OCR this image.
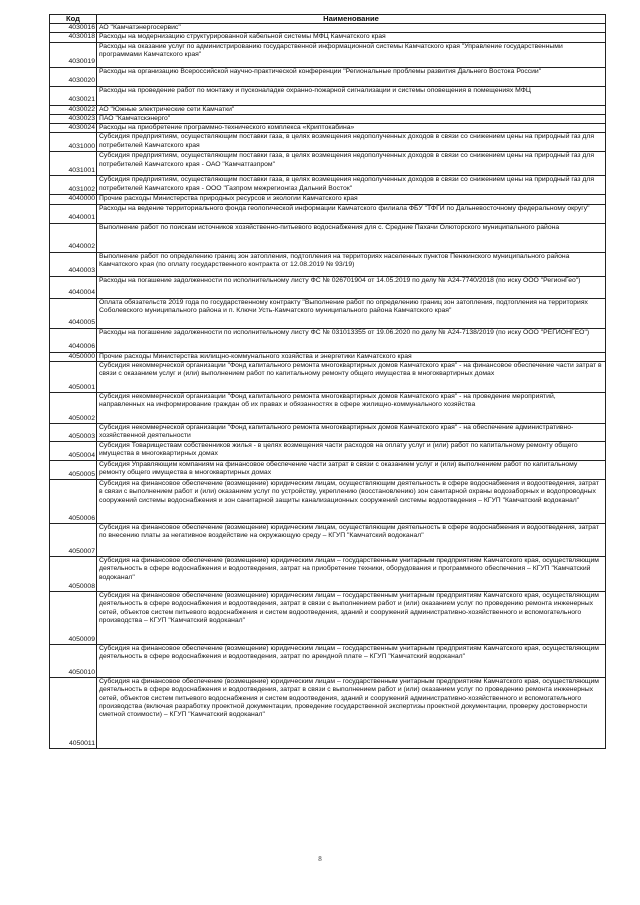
Код	Наименование
4030016	АО "Камчатэнергосервис"
4030018	Расходы на модернизацию структурированной кабельной системы МФЦ Камчатского края
4030019	Расходы на оказание услуг по администрированию государственной информационной системы Камчатского края "Управление государственными программами Камчатского края"
4030020	Расходы на организацию Всероссийской научно-практической конференции "Региональные проблемы развития Дальнего Востока России"
4030021	Расходы на проведение работ по монтажу и пусконаладке охранно-пожарной сигнализации и системы оповещения в помещениях МФЦ
4030022	АО "Южные электрические сети Камчатки"
4030023	ПАО "Камчатскэнерго"
4030024	Расходы на приобретение программно-технического комплекса «Криптокабина»
4031000	Субсидия предприятиям, осуществляющим поставки газа, в целях возмещения недополученных доходов в связи со снижением цены на природный газ для потребителей Камчатского края
4031001	Субсидия предприятиям, осуществляющим поставки газа, в целях возмещения недополученных доходов в связи со снижением цены на природный газ для потребителей Камчатского края - ОАО "Камчатгазпром"
4031002	Субсидия предприятиям, осуществляющим поставки газа, в целях возмещения недополученных доходов в связи со снижением цены на природный газ для потребителей Камчатского края - ООО "Газпром межрегионгаз Дальний Восток"
4040000	Прочие расходы Министерства природных ресурсов и экологии Камчатского края
4040001	Расходы на ведение территориального фонда геологической информации Камчатского филиала ФБУ "ТФГИ по Дальневосточному федеральному округу"
4040002	Выполнение работ по поискам источников хозяйственно-питьевого водоснабжения для с. Средние Пахачи Олюторского муниципального района
4040003	Выполнение работ по определению границ зон затопления, подтопления на территориях населенных пунктов Пенжинского муниципального района Камчатского края (по оплату государственного контракта от 12.08.2019 № 93/19)
4040004	Расходы на погашение задолженности по исполнительному листу ФС № 026701904 от 14.05.2019 по делу № А24-7740/2018 (по иску ООО "РегионГео")
4040005	Оплата обязательств 2019 года по государственному контракту "Выполнение работ по определению границ зон затопления, подтопления на территориях Соболевского муниципального района и п. Ключи Усть-Камчатского муниципального района Камчатского края"
4040006	Расходы на погашение задолженности по исполнительному листу ФС № 031013355 от 19.06.2020 по делу № А24-7138/2019 (по иску ООО "РЕГИОНГЕО")
4050000	Прочие расходы Министерства жилищно-коммунального хозяйства и энергетики Камчатского края
4050001	Субсидия некоммерческой организации "Фонд капитального ремонта многоквартирных домов Камчатского края" - на финансовое обеспечение части затрат в связи с оказанием услуг и (или) выполнением работ по капитальному ремонту общего имущества в многоквартирных домах
4050002	Субсидия некоммерческой организации "Фонд капитального ремонта многоквартирных домов Камчатского края" - на проведение мероприятий, направленных на информирование граждан об их правах и обязанностях в сфере жилищно-коммунального хозяйства
4050003	Субсидия некоммерческой организации "Фонд капитального ремонта многоквартирных домов Камчатского края" - на обеспечение административно-хозяйственной деятельности
4050004	Субсидия Товариществам собственников жилья - в целях возмещения части расходов на оплату услуг и (или) работ по капитальному ремонту общего имущества в многоквартирных домах
4050005	Субсидия Управляющим компаниям на финансовое обеспечение части затрат в связи с оказанием услуг и (или) выполнением работ по капитальному ремонту общего имущества в многоквартирных домах
4050006	Субсидия на финансовое обеспечение (возмещение) юридическим лицам, осуществляющим деятельность в сфере водоснабжения и водоотведения, затрат в связи с выполнением работ и (или) оказанием услуг по устройству, укреплению (восстановлению) зон санитарной охраны водозаборных и водопроводных сооружений системы водоснабжения и зон санитарной защиты канализационных сооружений системы водоотведения – КГУП "Камчатский водоканал"
4050007	Субсидия на финансовое обеспечение (возмещение) юридическим лицам, осуществляющим деятельность в сфере водоснабжения и водоотведения, затрат по внесению платы за негативное воздействие на окружающую среду – КГУП "Камчатский водоканал"
4050008	Субсидия на финансовое обеспечение (возмещение) юридическим лицам – государственным унитарным предприятиям Камчатского края, осуществляющим деятельность в сфере водоснабжения и водоотведения, затрат на приобретение техники, оборудования и программного обеспечения – КГУП "Камчатский водоканал"
4050009	Субсидия на финансовое обеспечение (возмещение) юридическим лицам – государственным унитарным предприятиям Камчатского края, осуществляющим деятельность в сфере водоснабжения и водоотведения, затрат в связи с выполнением работ и (или) оказанием услуг по проведению ремонта инженерных сетей, объектов систем питьевого водоснабжения и систем водоотведения, зданий и сооружений административно-хозяйственного и вспомогательного производства – КГУП "Камчатский водоканал"
4050010	Субсидия на финансовое обеспечение (возмещение) юридическим лицам – государственным унитарным предприятиям Камчатского края, осуществляющим деятельность в сфере водоснабжения и водоотведения, затрат по арендной плате – КГУП "Камчатский водоканал"
4050011	Субсидия на финансовое обеспечение (возмещение) юридическим лицам – государственным унитарным предприятиям Камчатского края, осуществляющим деятельность в сфере водоснабжения и водоотведения, затрат в связи с выполнением работ и (или) оказанием услуг по проведению ремонта инженерных сетей, объектов систем питьевого водоснабжения и систем водоотведения, зданий и сооружений административно-хозяйственного и вспомогательного производства (включая разработку проектной документации, проведение государственной экспертизы проектной документации, проверку достоверности сметной стоимости) – КГУП "Камчатский водоканал"
8
